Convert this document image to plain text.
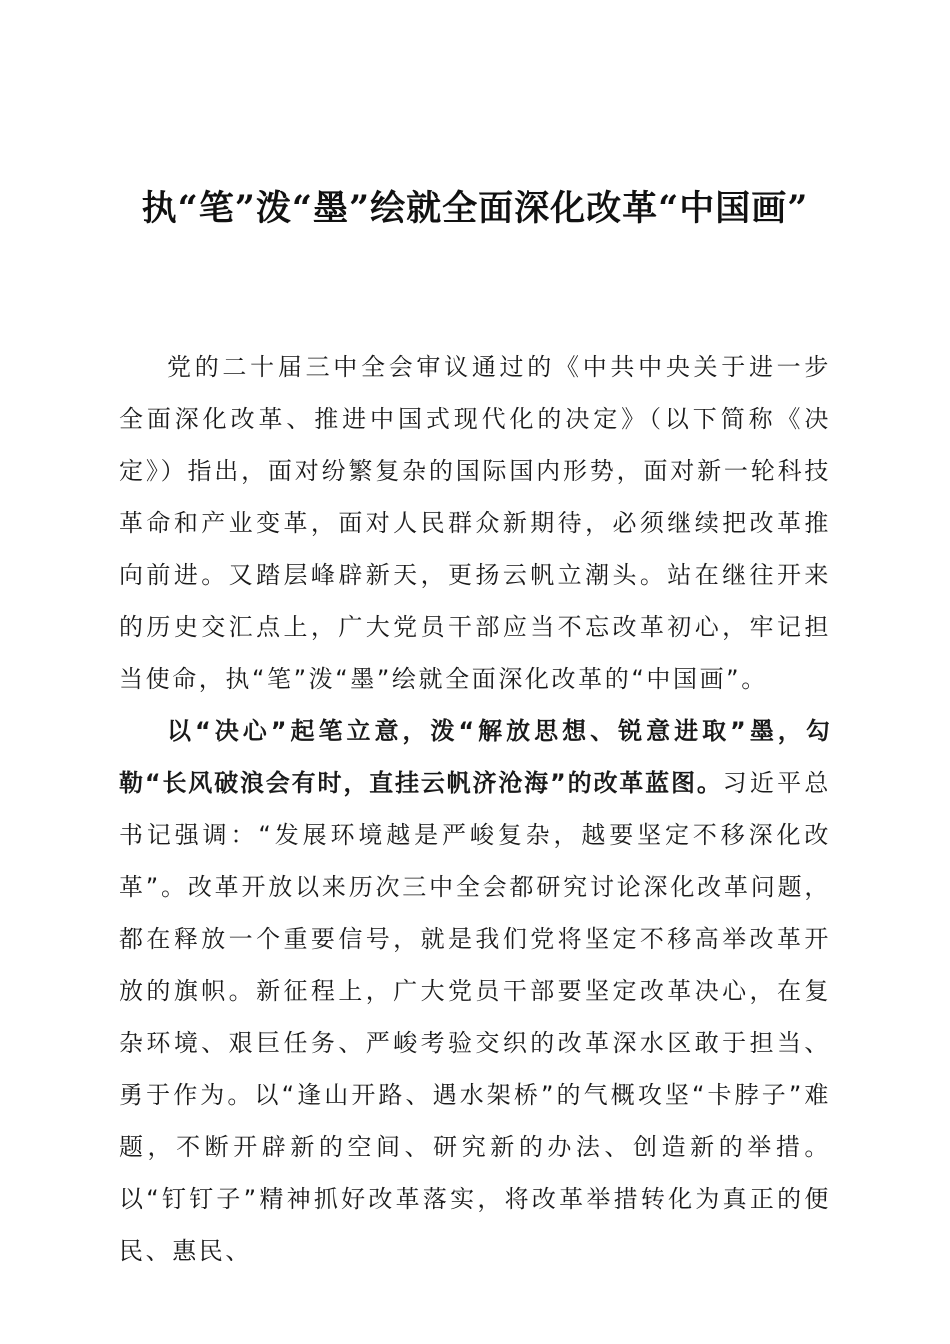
执“笔”泼“墨”绘就全面深化改革“中国画”

党的二十届三中全会审议通过的《中共中央关于进一步全面深化改革、推进中国式现代化的决定》（以下简称《决定》）指出，面对纷繁复杂的国际国内形势，面对新一轮科技革命和产业变革，面对人民群众新期待，必须继续把改革推向前进。又踏层峰辟新天，更扬云帆立潮头。站在继往开来的历史交汇点上，广大党员干部应当不忘改革初心，牢记担当使命，执“笔”泼“墨”绘就全面深化改革的“中国画”。

以“决心”起笔立意，泼“解放思想、锐意进取”墨，勾勒“长风破浪会有时，直挂云帆济沧海”的改革蓝图。习近平总书记强调：“发展环境越是严峻复杂，越要坚定不移深化改革”。改革开放以来历次三中全会都研究讨论深化改革问题，都在释放一个重要信号，就是我们党将坚定不移高举改革开放的旗帜。新征程上，广大党员干部要坚定改革决心，在复杂环境、艰巨任务、严峻考验交织的改革深水区敢于担当、勇于作为。以“逢山开路、遇水架桥”的气概攻坚“卡脖子”难题，不断开辟新的空间、研究新的办法、创造新的举措。以“钉钉子”精神抓好改革落实，将改革举措转化为真正的便民、惠民、
